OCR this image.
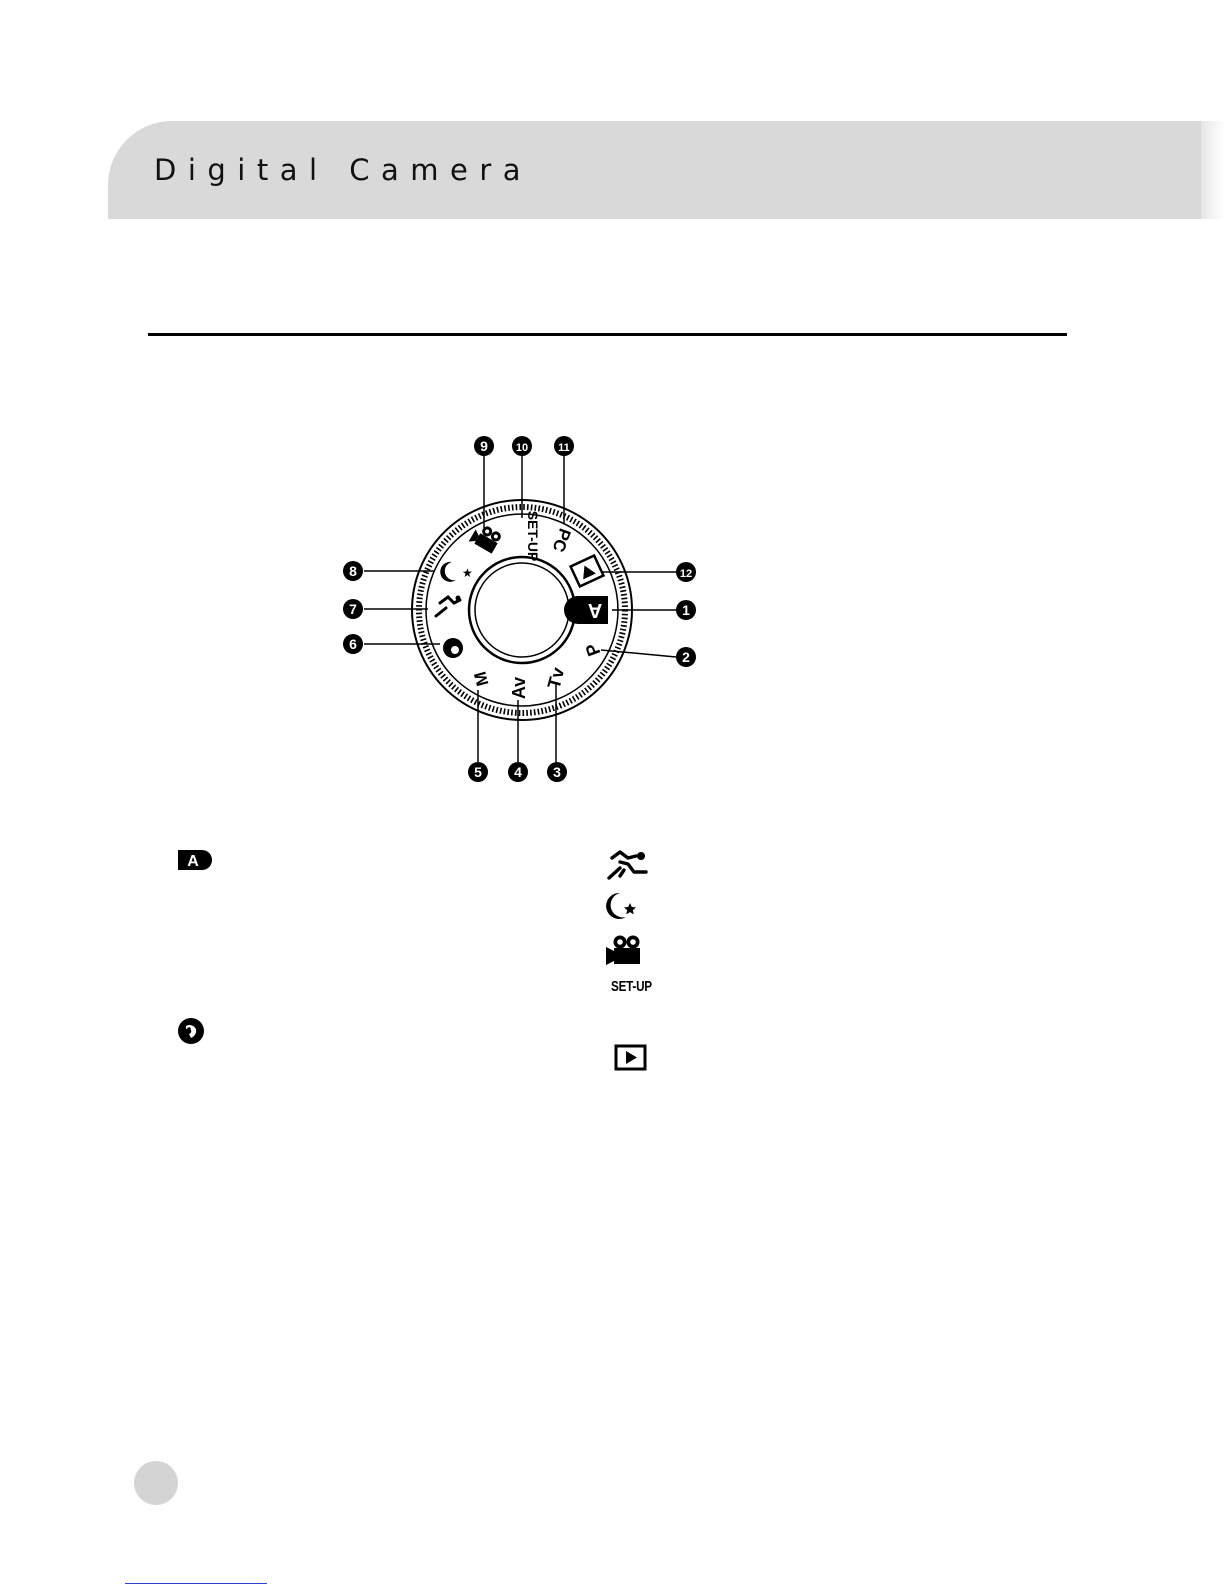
Digital Camera
A
P
Tv
Av
M
★
SET-UP PC
1
2
3
4
5
6
7
8
9	10	11
12
A

SET-UP
